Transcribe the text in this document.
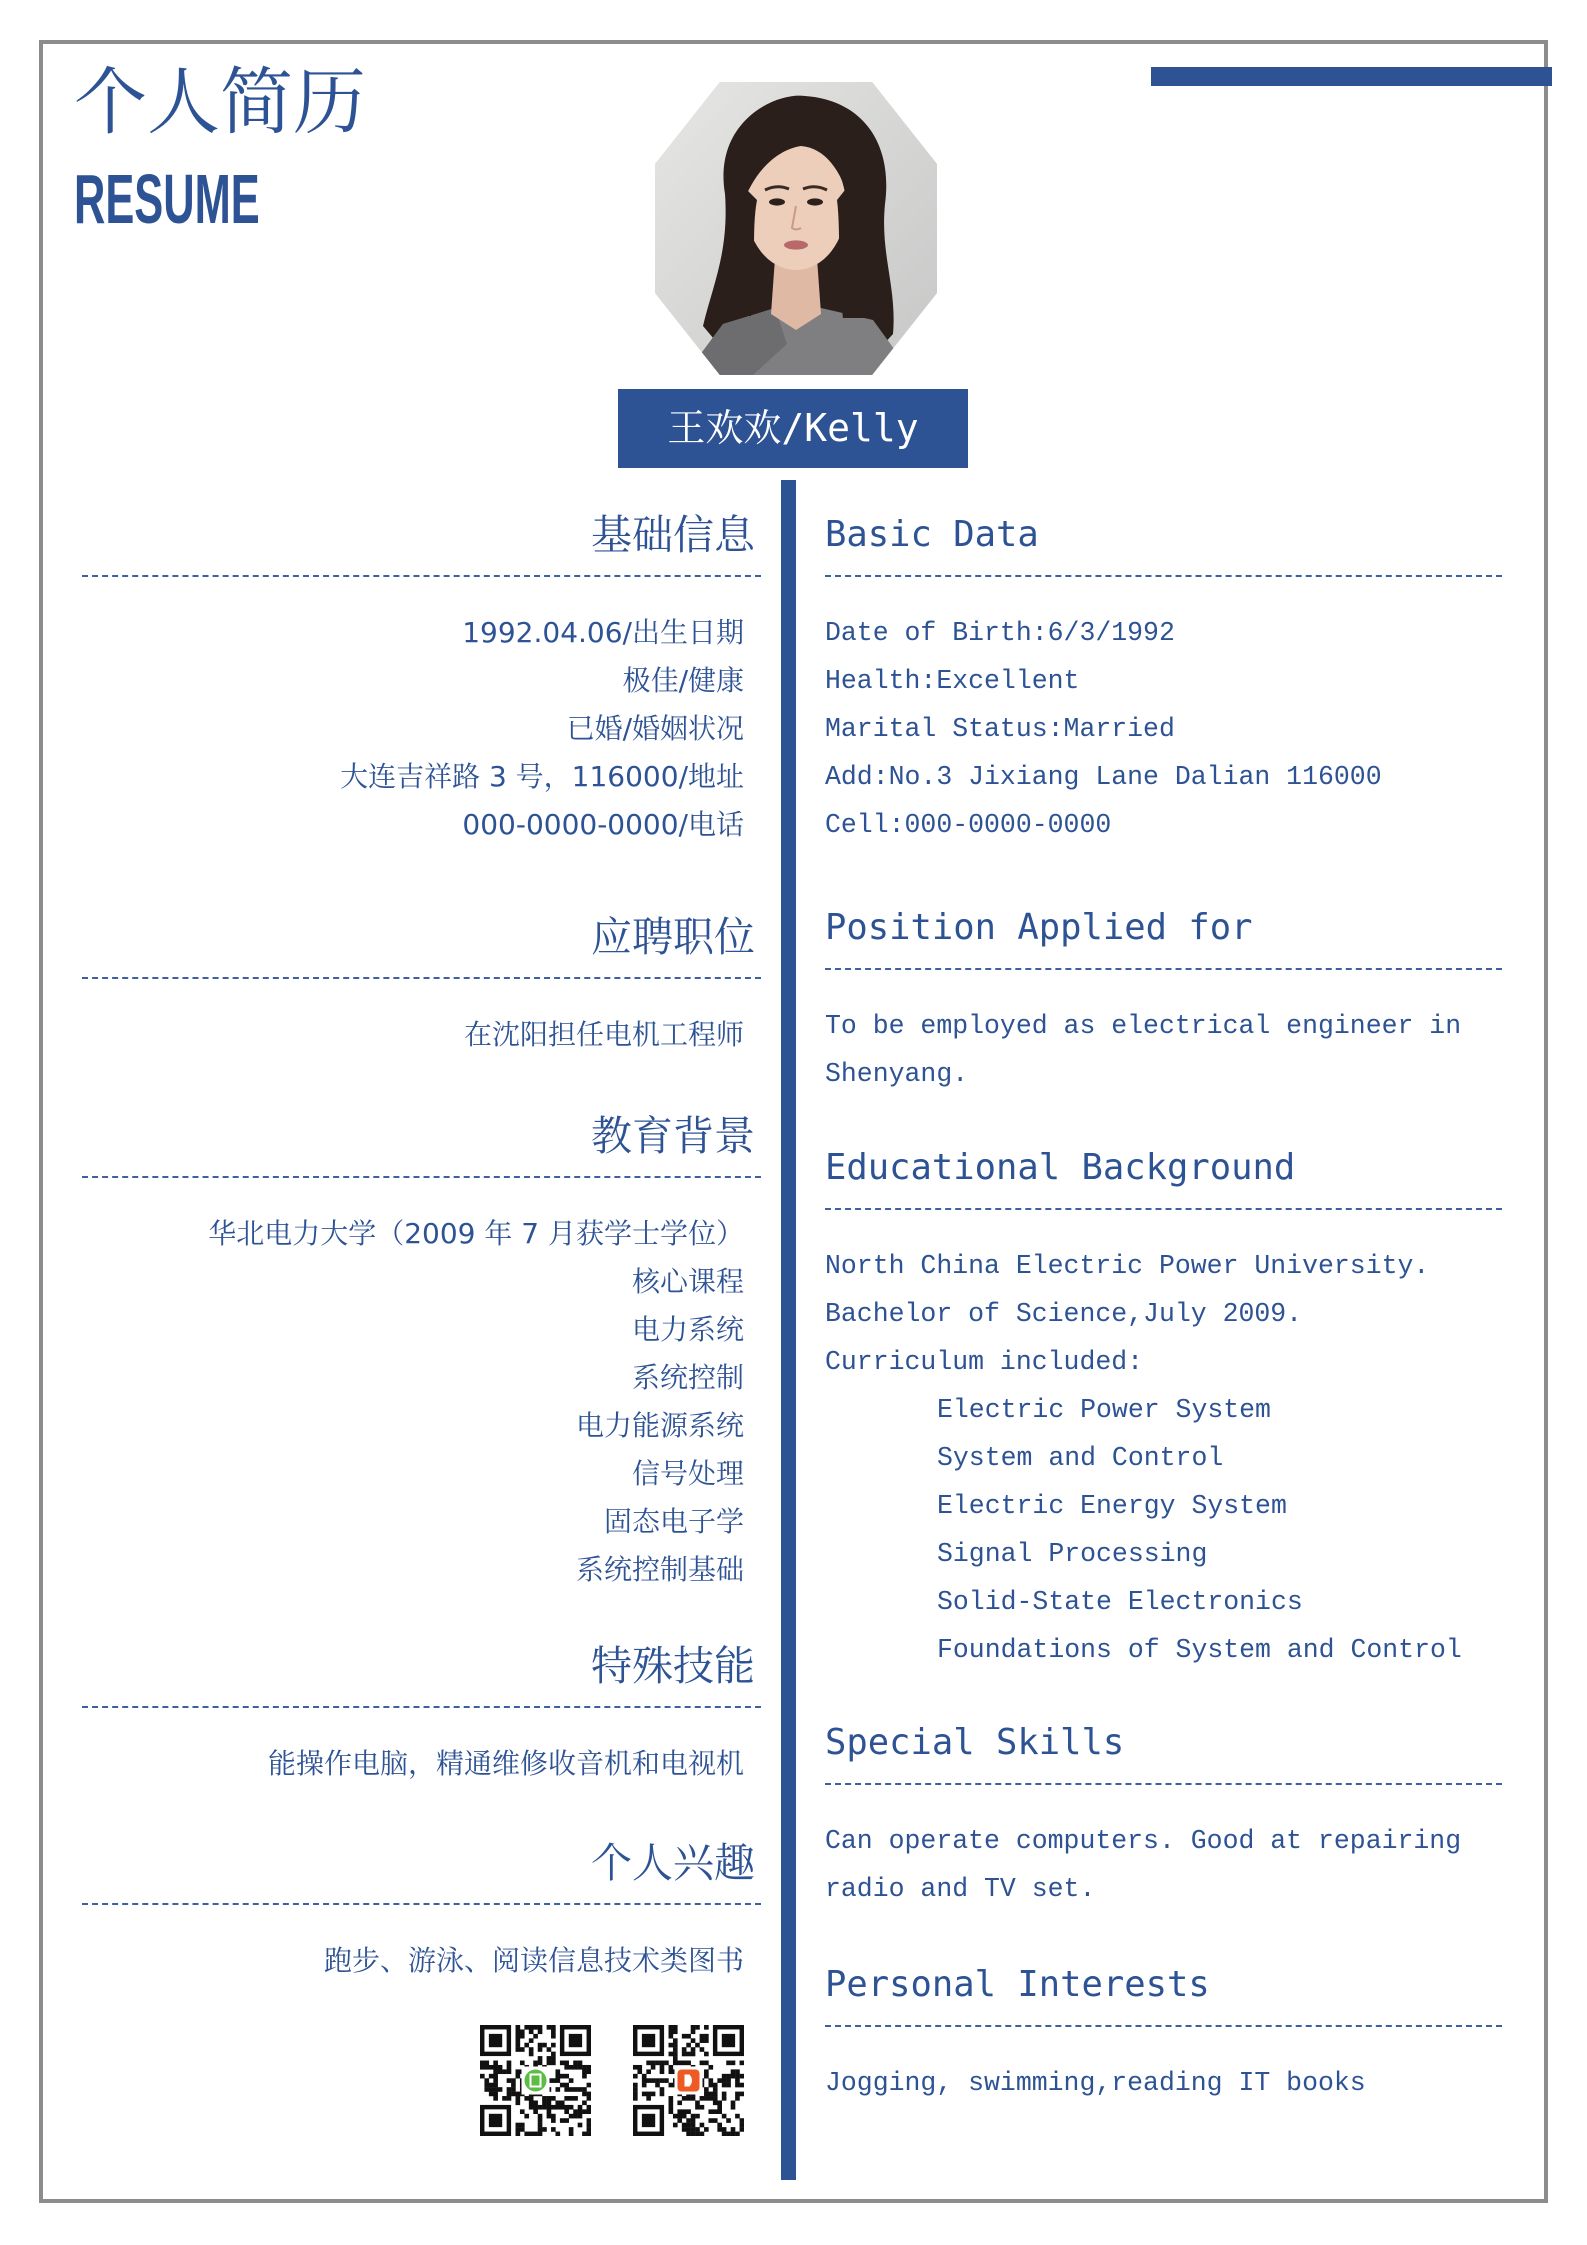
个人简历
RESUME
王欢欢/Kelly
基础信息
1992.04.06/出生日期
极佳/健康
已婚/婚姻状况
大连吉祥路 3 号，116000/地址
000-0000-0000/电话
应聘职位
在沈阳担任电机工程师
教育背景
华北电力大学（2009 年 7 月获学士学位）
核心课程
电力系统
系统控制
电力能源系统
信号处理
固态电子学
系统控制基础
特殊技能
能操作电脑，精通维修收音机和电视机
个人兴趣
跑步、游泳、阅读信息技术类图书
Basic Data
Date of Birth:6/3/1992
Health:Excellent
Marital Status:Married
Add:No.3 Jixiang Lane Dalian 116000
Cell:000-0000-0000
Position Applied for
To be employed as electrical engineer in
Shenyang.
Educational Background
North China Electric Power University.
Bachelor of Science,July 2009.
Curriculum included:
Electric Power System
System and Control
Electric Energy System
Signal Processing
Solid-State Electronics
Foundations of System and Control
Special Skills
Can operate computers. Good at repairing
radio and TV set.
Personal Interests
Jogging, swimming,reading IT books
